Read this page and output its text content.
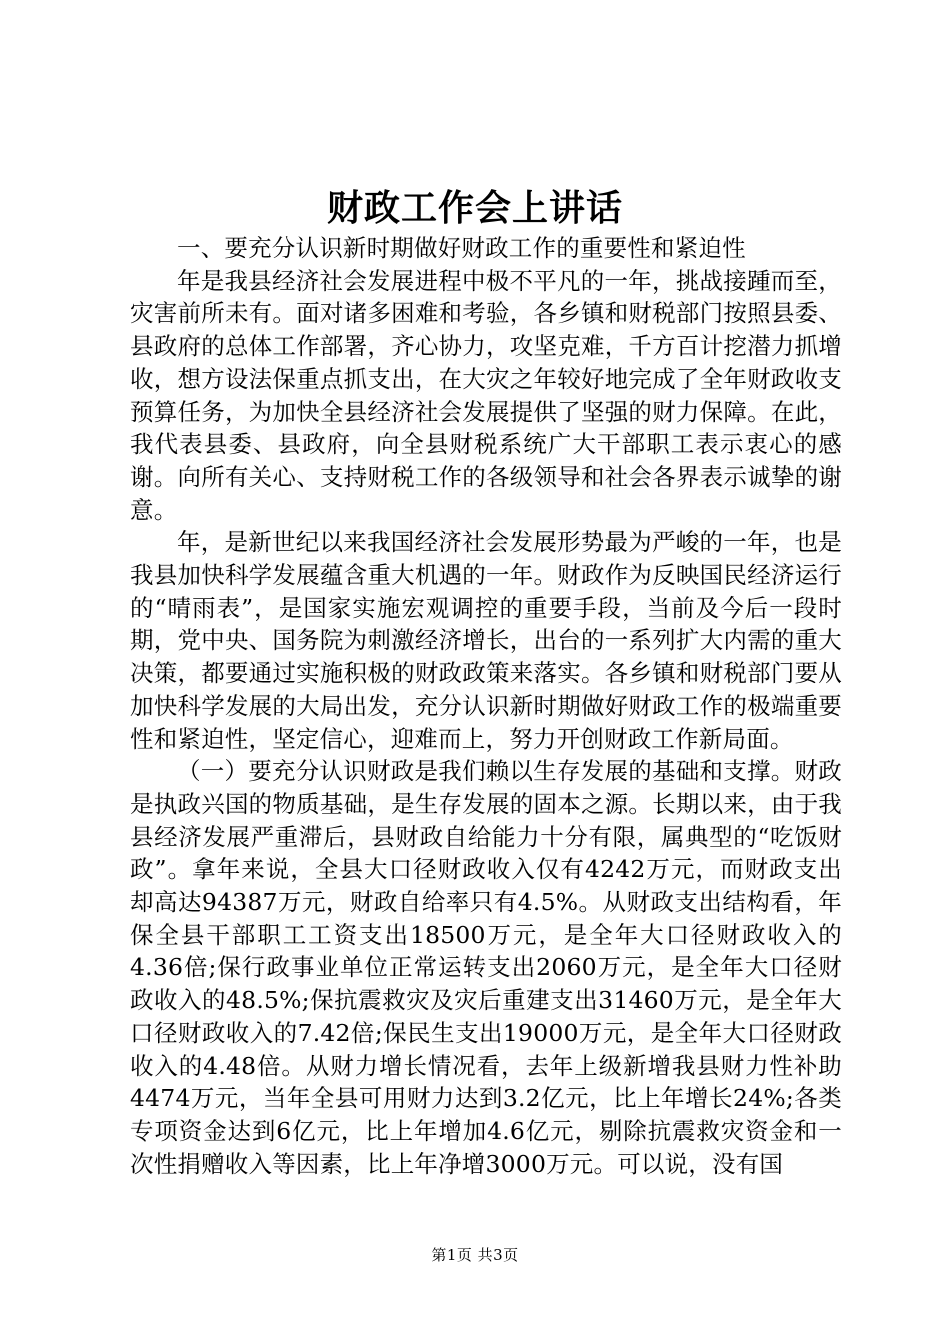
财政工作会上讲话

一、要充分认识新时期做好财政工作的重要性和紧迫性

年是我县经济社会发展进程中极不平凡的一年，挑战接踵而至，灾害前所未有。面对诸多困难和考验，各乡镇和财税部门按照县委、县政府的总体工作部署，齐心协力，攻坚克难，千方百计挖潜力抓增收，想方设法保重点抓支出，在大灾之年较好地完成了全年财政收支预算任务，为加快全县经济社会发展提供了坚强的财力保障。在此，我代表县委、县政府，向全县财税系统广大干部职工表示衷心的感谢。向所有关心、支持财税工作的各级领导和社会各界表示诚挚的谢意。

年，是新世纪以来我国经济社会发展形势最为严峻的一年，也是我县加快科学发展蕴含重大机遇的一年。财政作为反映国民经济运行的“晴雨表”，是国家实施宏观调控的重要手段，当前及今后一段时期，党中央、国务院为刺激经济增长，出台的一系列扩大内需的重大决策，都要通过实施积极的财政政策来落实。各乡镇和财税部门要从加快科学发展的大局出发，充分认识新时期做好财政工作的极端重要性和紧迫性，坚定信心，迎难而上，努力开创财政工作新局面。

（一）要充分认识财政是我们赖以生存发展的基础和支撑。财政是执政兴国的物质基础，是生存发展的固本之源。长期以来，由于我县经济发展严重滞后，县财政自给能力十分有限，属典型的“吃饭财政”。拿年来说，全县大口径财政收入仅有4242万元，而财政支出却高达94387万元，财政自给率只有4.5%。从财政支出结构看，年保全县干部职工工资支出18500万元，是全年大口径财政收入的4.36倍;保行政事业单位正常运转支出2060万元，是全年大口径财政收入的48.5%;保抗震救灾及灾后重建支出31460万元，是全年大口径财政收入的7.42倍;保民生支出19000万元，是全年大口径财政收入的4.48倍。从财力增长情况看，去年上级新增我县财力性补助4474万元，当年全县可用财力达到3.2亿元，比上年增长24%;各类专项资金达到6亿元，比上年增加4.6亿元，剔除抗震救灾资金和一次性捐赠收入等因素，比上年净增3000万元。可以说，没有国

第1页 共3页
